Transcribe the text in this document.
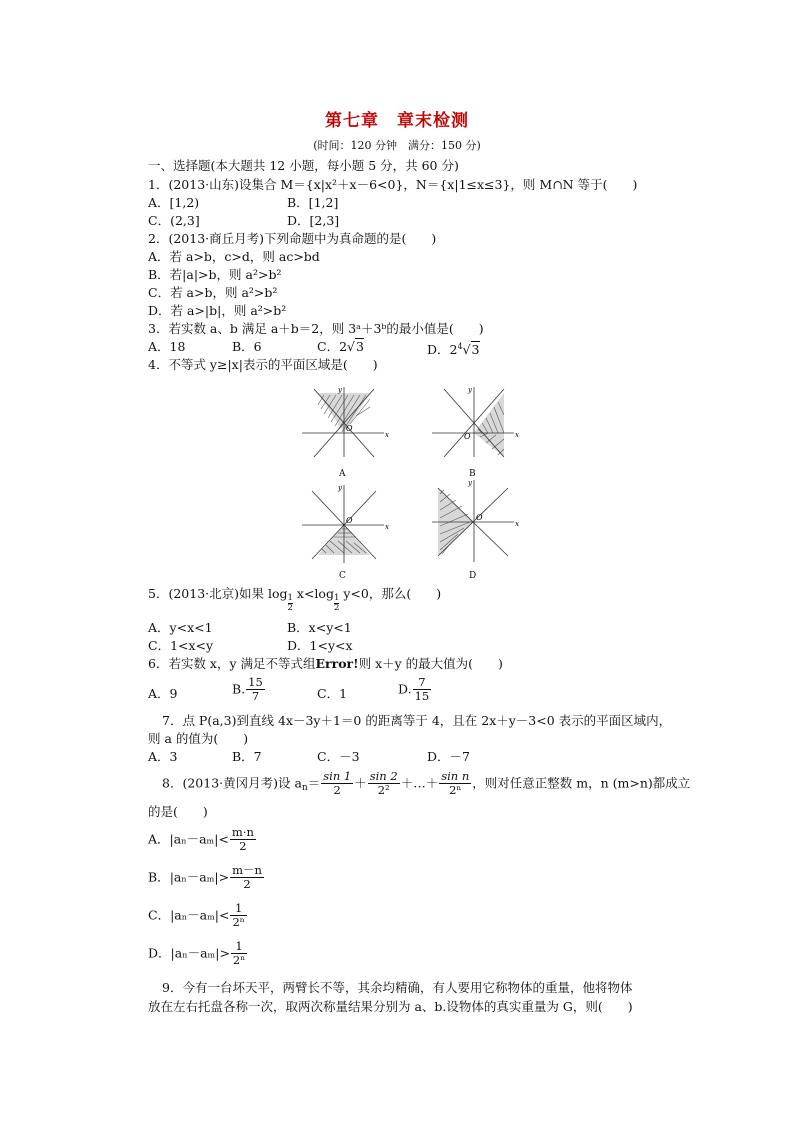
第七章　章末检测
(时间：120 分钟　满分：150 分)
一、选择题(本大题共 12 小题，每小题 5 分，共 60 分)
1．(2013·山东)设集合 M＝{x|x²＋x－6<0}，N＝{x|1≤x≤3}，则 M∩N 等于(　　)
A．[1,2)	B．[1,2]
C．(2,3]	D．[2,3]
2．(2013·商丘月考)下列命题中为真命题的是(　　)
A．若 a>b，c>d，则 ac>bd
B．若|a|>b，则 a²>b²
C．若 a>b，则 a²>b²
D．若 a>|b|，则 a²>b²
3．若实数 a、b 满足 a＋b＝2，则 3ᵃ＋3ᵇ的最小值是(　　)
A．18	B．6	C．2√3	D．$2^4√3$
4．不等式 y≥|x|表示的平面区域是(　　)
x
y
O
A
x
y
O
B
x
y
O
C
x
y
O
D
5．(2013·北京)如果 log
$\frac{1}{2}$
x<log
$\frac{1}{2}$
y<0，那么(　　)
A．y<x<1	B．x<y<1
C．1<x<y	D．1<y<x
6．若实数 x，y 满足不等式组Error!则 x＋y 的最大值为(　　)
A．9	B. $\frac{15}{7}$	C．1	D. $\frac{7}{15}$
7．点 P(a,3)到直线 4x－3y＋1＝0 的距离等于 4，且在 2x＋y－3<0 表示的平面区域内，
则 a 的值为(　　)
A．3	B．7	C．－3	D．－7
8．(2013·黄冈月考)设 $a_n= \frac{\sin 1}{2} + \frac{\sin 2}{\text{2²}}$ ＋…＋ $\frac{\text{sin n}}{\text{2ⁿ}}$ ，则对任意正整数 m，n (m>n)都成立
的是(　　)
A．$|a_n-a_m|< \frac{m\cdot n}{2}$
B．$|a_n-a_m|> \frac{m-n}{2}$
C．$|a_n-a_m|< \frac{1}{\text{2ⁿ}}$
D．$|a_n-a_m|> \frac{1}{\text{2ⁿ}}$
9．今有一台坏天平，两臂长不等，其余均精确，有人要用它称物体的重量，他将物体
放在左右托盘各称一次，取两次称量结果分别为 a、b.设物体的真实重量为 G，则(　　)
